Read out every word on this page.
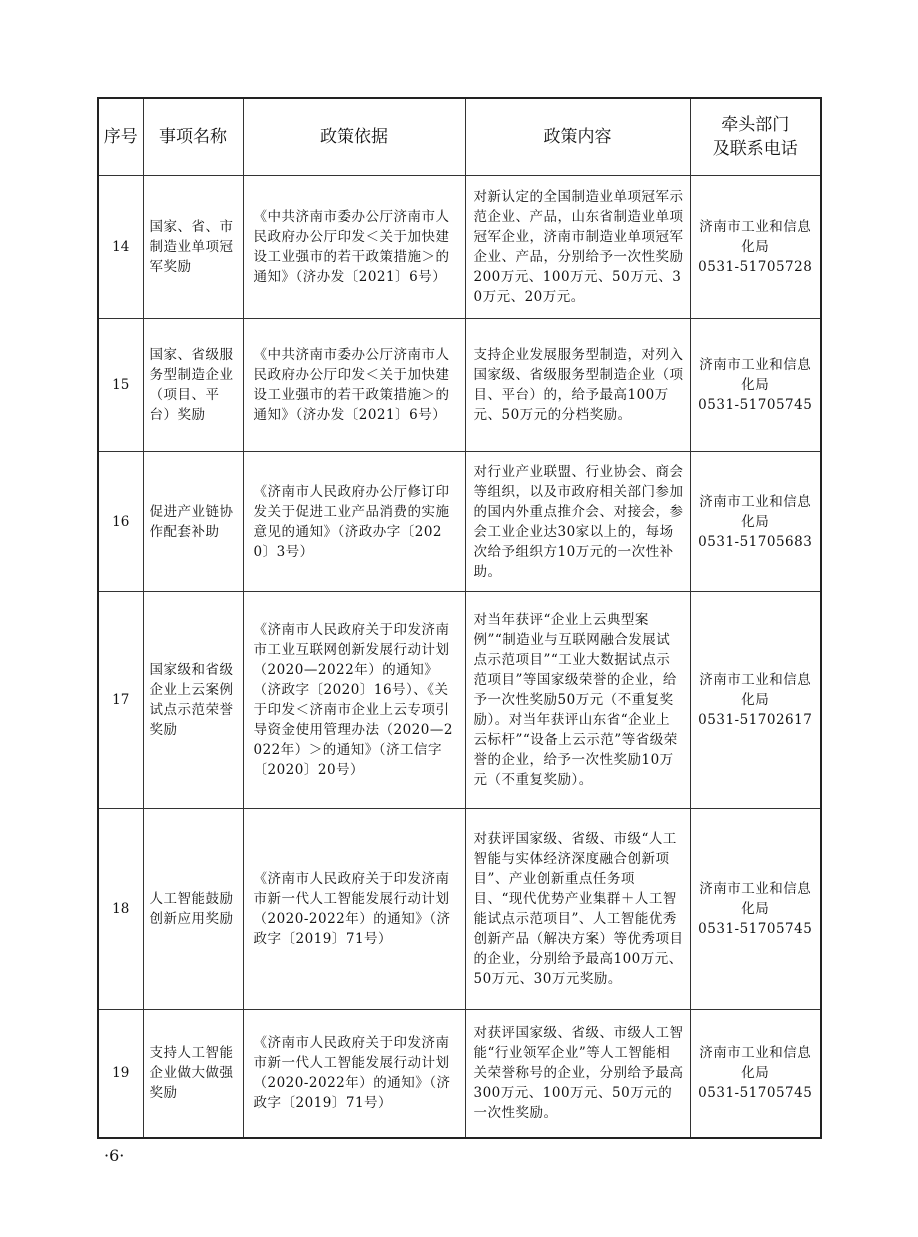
序号	事项名称	政策依据	政策内容	牵头部门
及联系电话

14	国家、省、市制造业单项冠军奖励	《中共济南市委办公厅济南市人民政府办公厅印发＜关于加快建设工业强市的若干政策措施＞的通知》（济办发〔2021〕6号）	对新认定的全国制造业单项冠军示范企业、产品，山东省制造业单项冠军企业，济南市制造业单项冠军企业、产品，分别给予一次性奖励200万元、100万元、50万元、30万元、20万元。	济南市工业和信息化局
0531-51705728

15	国家、省级服务型制造企业（项目、平台）奖励	《中共济南市委办公厅济南市人民政府办公厅印发＜关于加快建设工业强市的若干政策措施＞的通知》（济办发〔2021〕6号）	支持企业发展服务型制造，对列入国家级、省级服务型制造企业（项目、平台）的，给予最高100万元、50万元的分档奖励。	济南市工业和信息化局
0531-51705745

16	促进产业链协作配套补助	《济南市人民政府办公厅修订印发关于促进工业产品消费的实施意见的通知》（济政办字〔2020〕3号）	对行业产业联盟、行业协会、商会等组织，以及市政府相关部门参加的国内外重点推介会、对接会，参会工业企业达30家以上的，每场次给予组织方10万元的一次性补助。	济南市工业和信息化局
0531-51705683

17	国家级和省级企业上云案例试点示范荣誉奖励	《济南市人民政府关于印发济南市工业互联网创新发展行动计划（2020—2022年）的通知》（济政字〔2020〕16号）、《关于印发＜济南市企业上云专项引导资金使用管理办法（2020—2022年）＞的通知》（济工信字〔2020〕20号）	对当年获评“企业上云典型案例”“制造业与互联网融合发展试点示范项目”“工业大数据试点示范项目”等国家级荣誉的企业，给予一次性奖励50万元（不重复奖励）。对当年获评山东省“企业上云标杆”“设备上云示范”等省级荣誉的企业，给予一次性奖励10万元（不重复奖励）。	济南市工业和信息化局
0531-51702617

18	人工智能鼓励创新应用奖励	《济南市人民政府关于印发济南市新一代人工智能发展行动计划（2020-2022年）的通知》（济政字〔2019〕71号）	对获评国家级、省级、市级“人工智能与实体经济深度融合创新项目”、产业创新重点任务项目、“现代优势产业集群＋人工智能试点示范项目”、人工智能优秀创新产品（解决方案）等优秀项目的企业，分别给予最高100万元、50万元、30万元奖励。	济南市工业和信息化局
0531-51705745

19	支持人工智能企业做大做强奖励	《济南市人民政府关于印发济南市新一代人工智能发展行动计划（2020-2022年）的通知》（济政字〔2019〕71号）	对获评国家级、省级、市级人工智能“行业领军企业”等人工智能相关荣誉称号的企业，分别给予最高300万元、100万元、50万元的一次性奖励。	济南市工业和信息化局
0531-51705745
·6·
